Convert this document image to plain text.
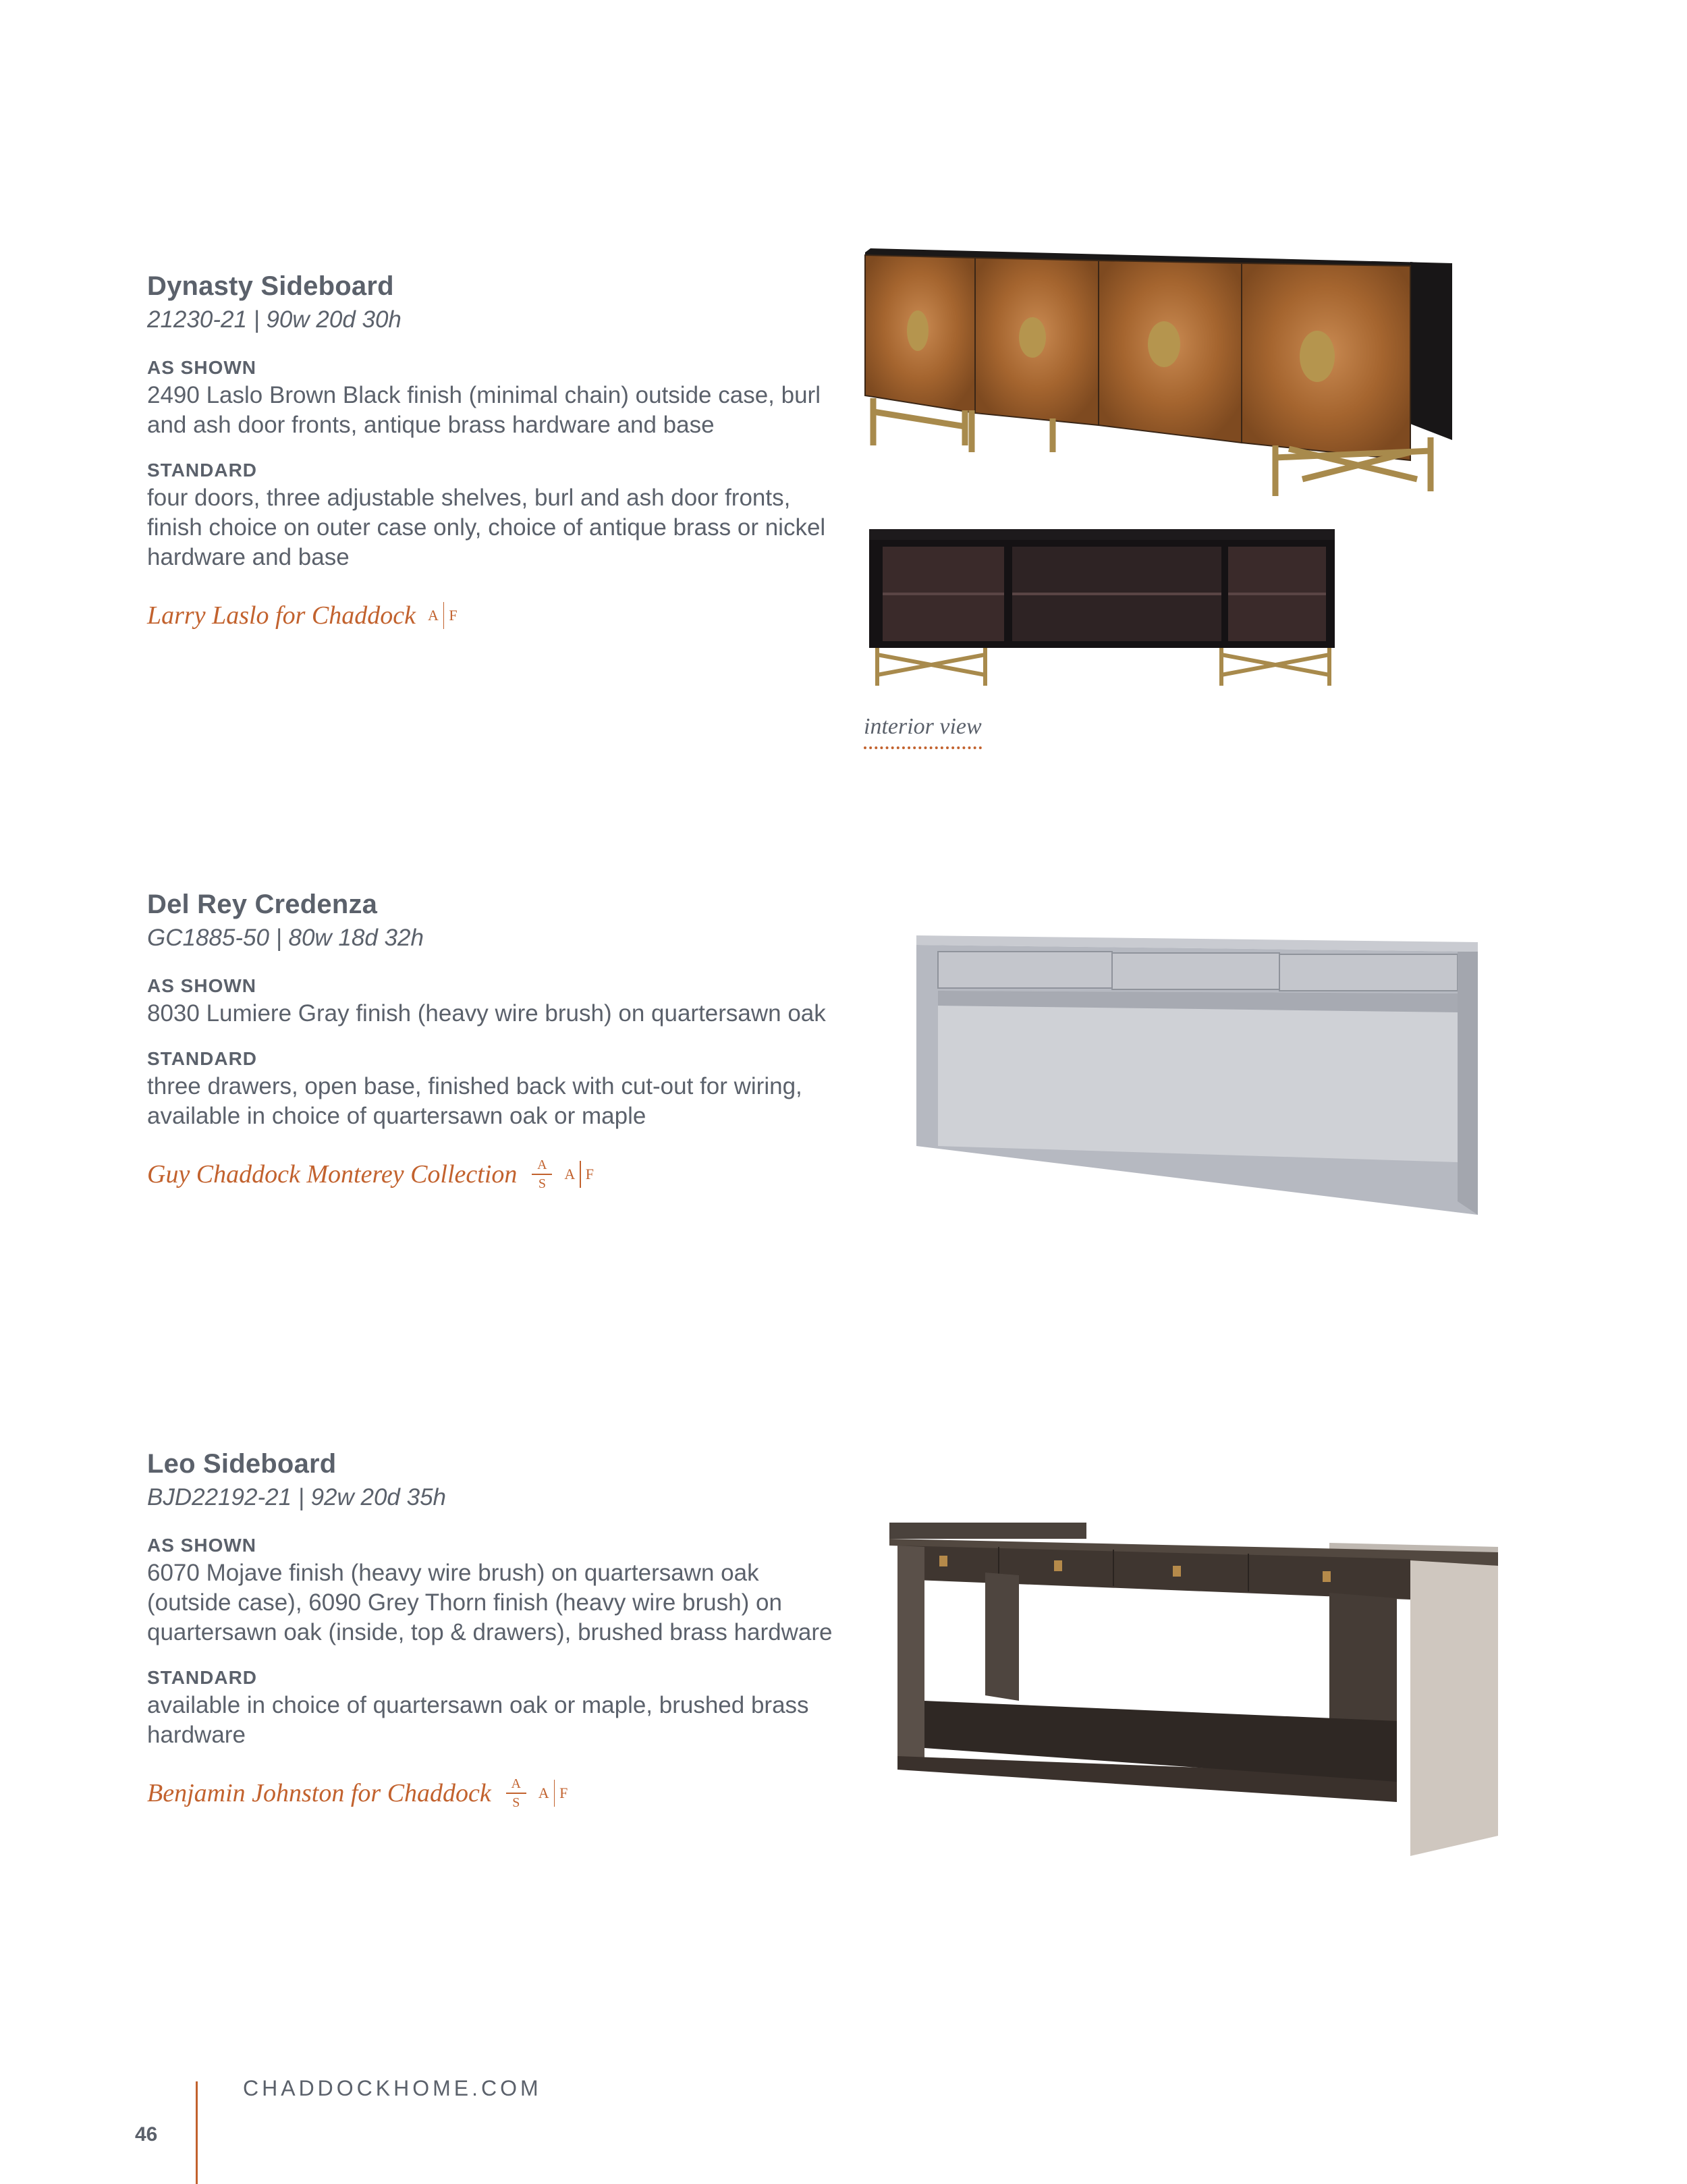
Dynasty Sideboard
21230-21 | 90w 20d 30h
AS SHOWN
2490 Laslo Brown Black finish (minimal chain) outside case, burl and ash door fronts, antique brass hardware and base
STANDARD
four doors, three adjustable shelves, burl and ash door fronts, finish choice on outer case only, choice of antique brass or nickel hardware and base
Larry Laslo for Chaddock A F
interior view
Del Rey Credenza
GC1885-50 | 80w 18d 32h
AS SHOWN
8030 Lumiere Gray finish (heavy wire brush) on quartersawn oak
STANDARD
three drawers, open base, finished back with cut-out for wiring, available in choice of quartersawn oak or maple
Guy Chaddock Monterey Collection A
S
A F
Leo Sideboard
BJD22192-21 | 92w 20d 35h
AS SHOWN
6070 Mojave finish (heavy wire brush) on quartersawn oak (outside case), 6090 Grey Thorn finish (heavy wire brush) on quartersawn oak (inside, top & drawers), brushed brass hardware
STANDARD
available in choice of quartersawn oak or maple, brushed brass hardware
Benjamin Johnston for Chaddock A
S
A F
CHADDOCKHOME.COM
46
